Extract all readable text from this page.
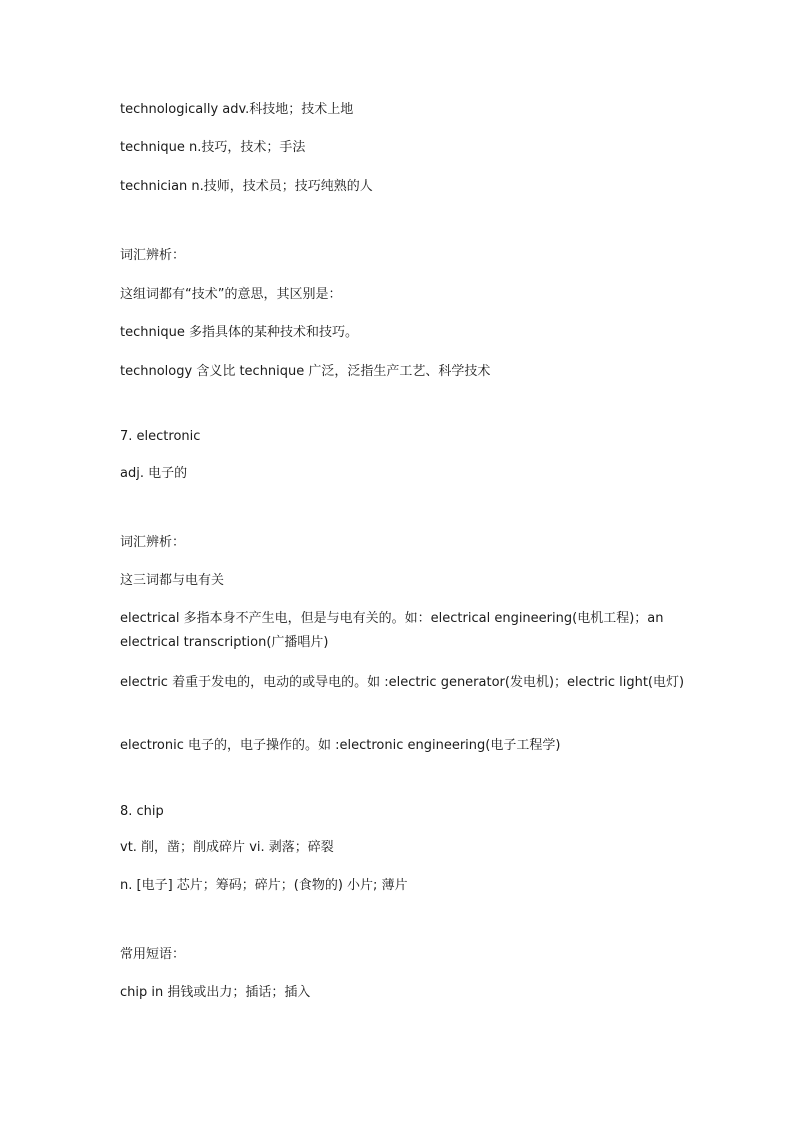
technologically adv.科技地；技术上地
technique n.技巧，技术；手法
technician n.技师，技术员；技巧纯熟的人
词汇辨析：
这组词都有“技术”的意思，其区别是：
technique 多指具体的某种技术和技巧。
technology 含义比 technique 广泛，泛指生产工艺、科学技术
7. electronic
adj. 电子的
词汇辨析：
这三词都与电有关
electrical 多指本身不产生电，但是与电有关的。如：electrical engineering(电机工程)；an electrical transcription(广播唱片)
electric 着重于发电的，电动的或导电的。如 :electric generator(发电机)；electric light(电灯)
electronic 电子的，电子操作的。如 :electronic engineering(电子工程学)
8. chip
vt. 削，凿；削成碎片 vi. 剥落；碎裂
n. [电子] 芯片；筹码；碎片；(食物的) 小片; 薄片
常用短语：
chip in 捐钱或出力；插话；插入
